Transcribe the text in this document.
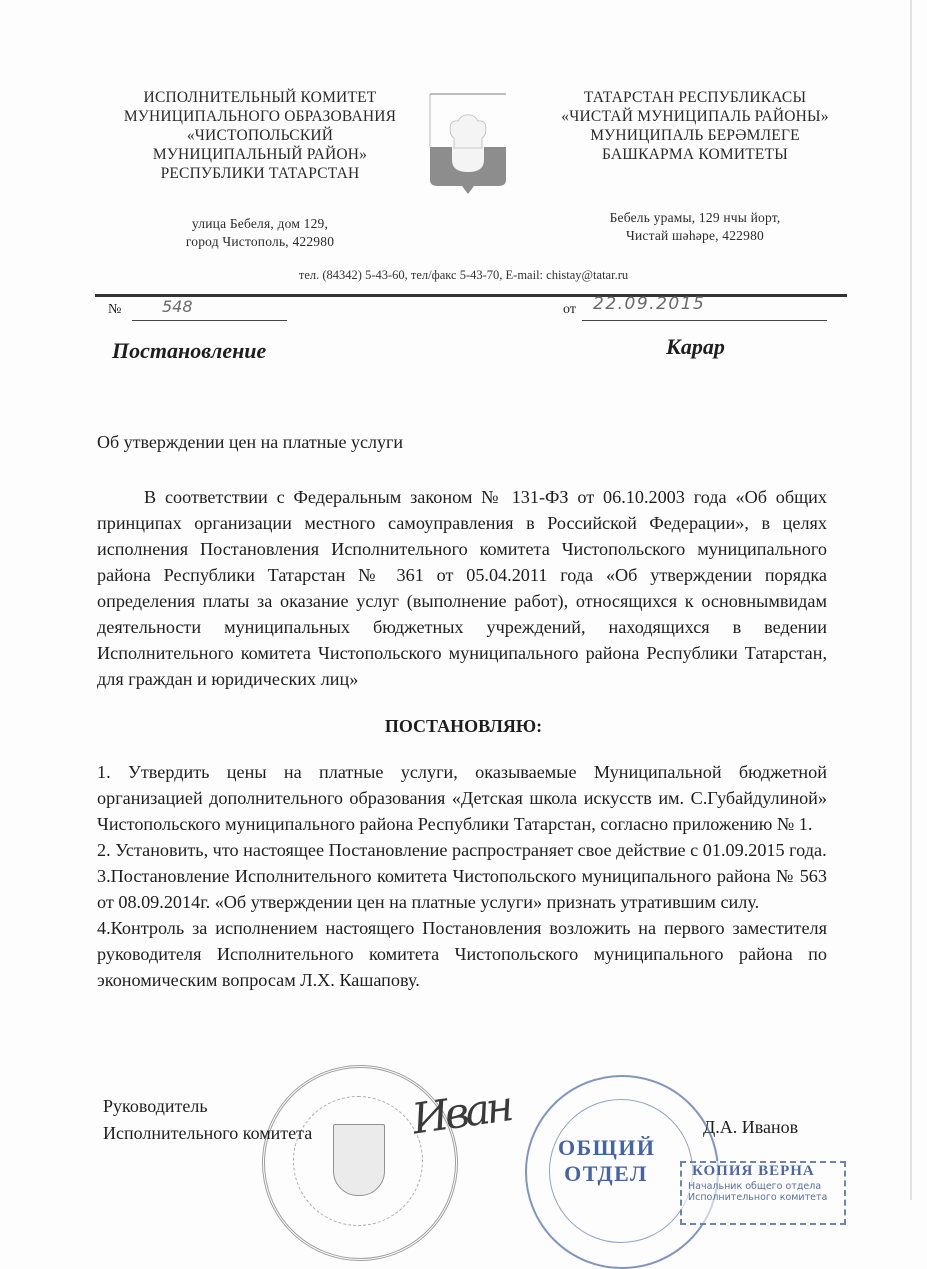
ИСПОЛНИТЕЛЬНЫЙ КОМИТЕТ
МУНИЦИПАЛЬНОГО ОБРАЗОВАНИЯ
«ЧИСТОПОЛЬСКИЙ
МУНИЦИПАЛЬНЫЙ РАЙОН»
РЕСПУБЛИКИ ТАТАРСТАН
улица Бебеля, дом 129,
город Чистополь, 422980
ТАТАРСТАН РЕСПУБЛИКАСЫ
«ЧИСТАЙ МУНИЦИПАЛЬ РАЙОНЫ»
МУНИЦИПАЛЬ БЕРӘМЛЕГЕ
БАШКАРМА КОМИТЕТЫ
Бебель урамы, 129 нчы йорт,
Чистай шәһәре, 422980
тел. (84342) 5-43-60, тел/факс 5-43-70, E-mail: chistay@tatar.ru
№	548	от 22.09.2015
Постановление	Карар
Об утверждении цен на платные услуги
В соответствии с Федеральным законом № 131-ФЗ от 06.10.2003 года «Об общих принципах организации местного самоуправления в Российской Федерации», в целях исполнения Постановления Исполнительного комитета Чистопольского муниципального района Республики Татарстан № 361 от 05.04.2011 года «Об утверждении порядка определения платы за оказание услуг (выполнение работ), относящихся к основнымвидам деятельности муниципальных бюджетных учреждений, находящихся в ведении Исполнительного комитета Чистопольского муниципального района Республики Татарстан, для граждан и юридических лиц»
ПОСТАНОВЛЯЮ:

1. Утвердить цены на платные услуги, оказываемые Муниципальной бюджетной организацией дополнительного образования «Детская школа искусств им. С.Губайдулиной» Чистопольского муниципального района Республики Татарстан, согласно приложению № 1.

2. Установить, что настоящее Постановление распространяет свое действие с 01.09.2015 года.

3.Постановление Исполнительного комитета Чистопольского муниципального района № 563 от 08.09.2014г. «Об утверждении цен на платные услуги» признать утратившим силу.

4.Контроль за исполнением настоящего Постановления возложить на первого заместителя руководителя Исполнительного комитета Чистопольского муниципального района по экономическим вопросам Л.Х. Кашапову.

Руководитель
Исполнительного комитета Иван
ОБЩИЙ
ОТДЕЛ
Д.А. Иванов
КОПИЯ ВЕРНА
Начальник общего отдела
Исполнительного комитета
